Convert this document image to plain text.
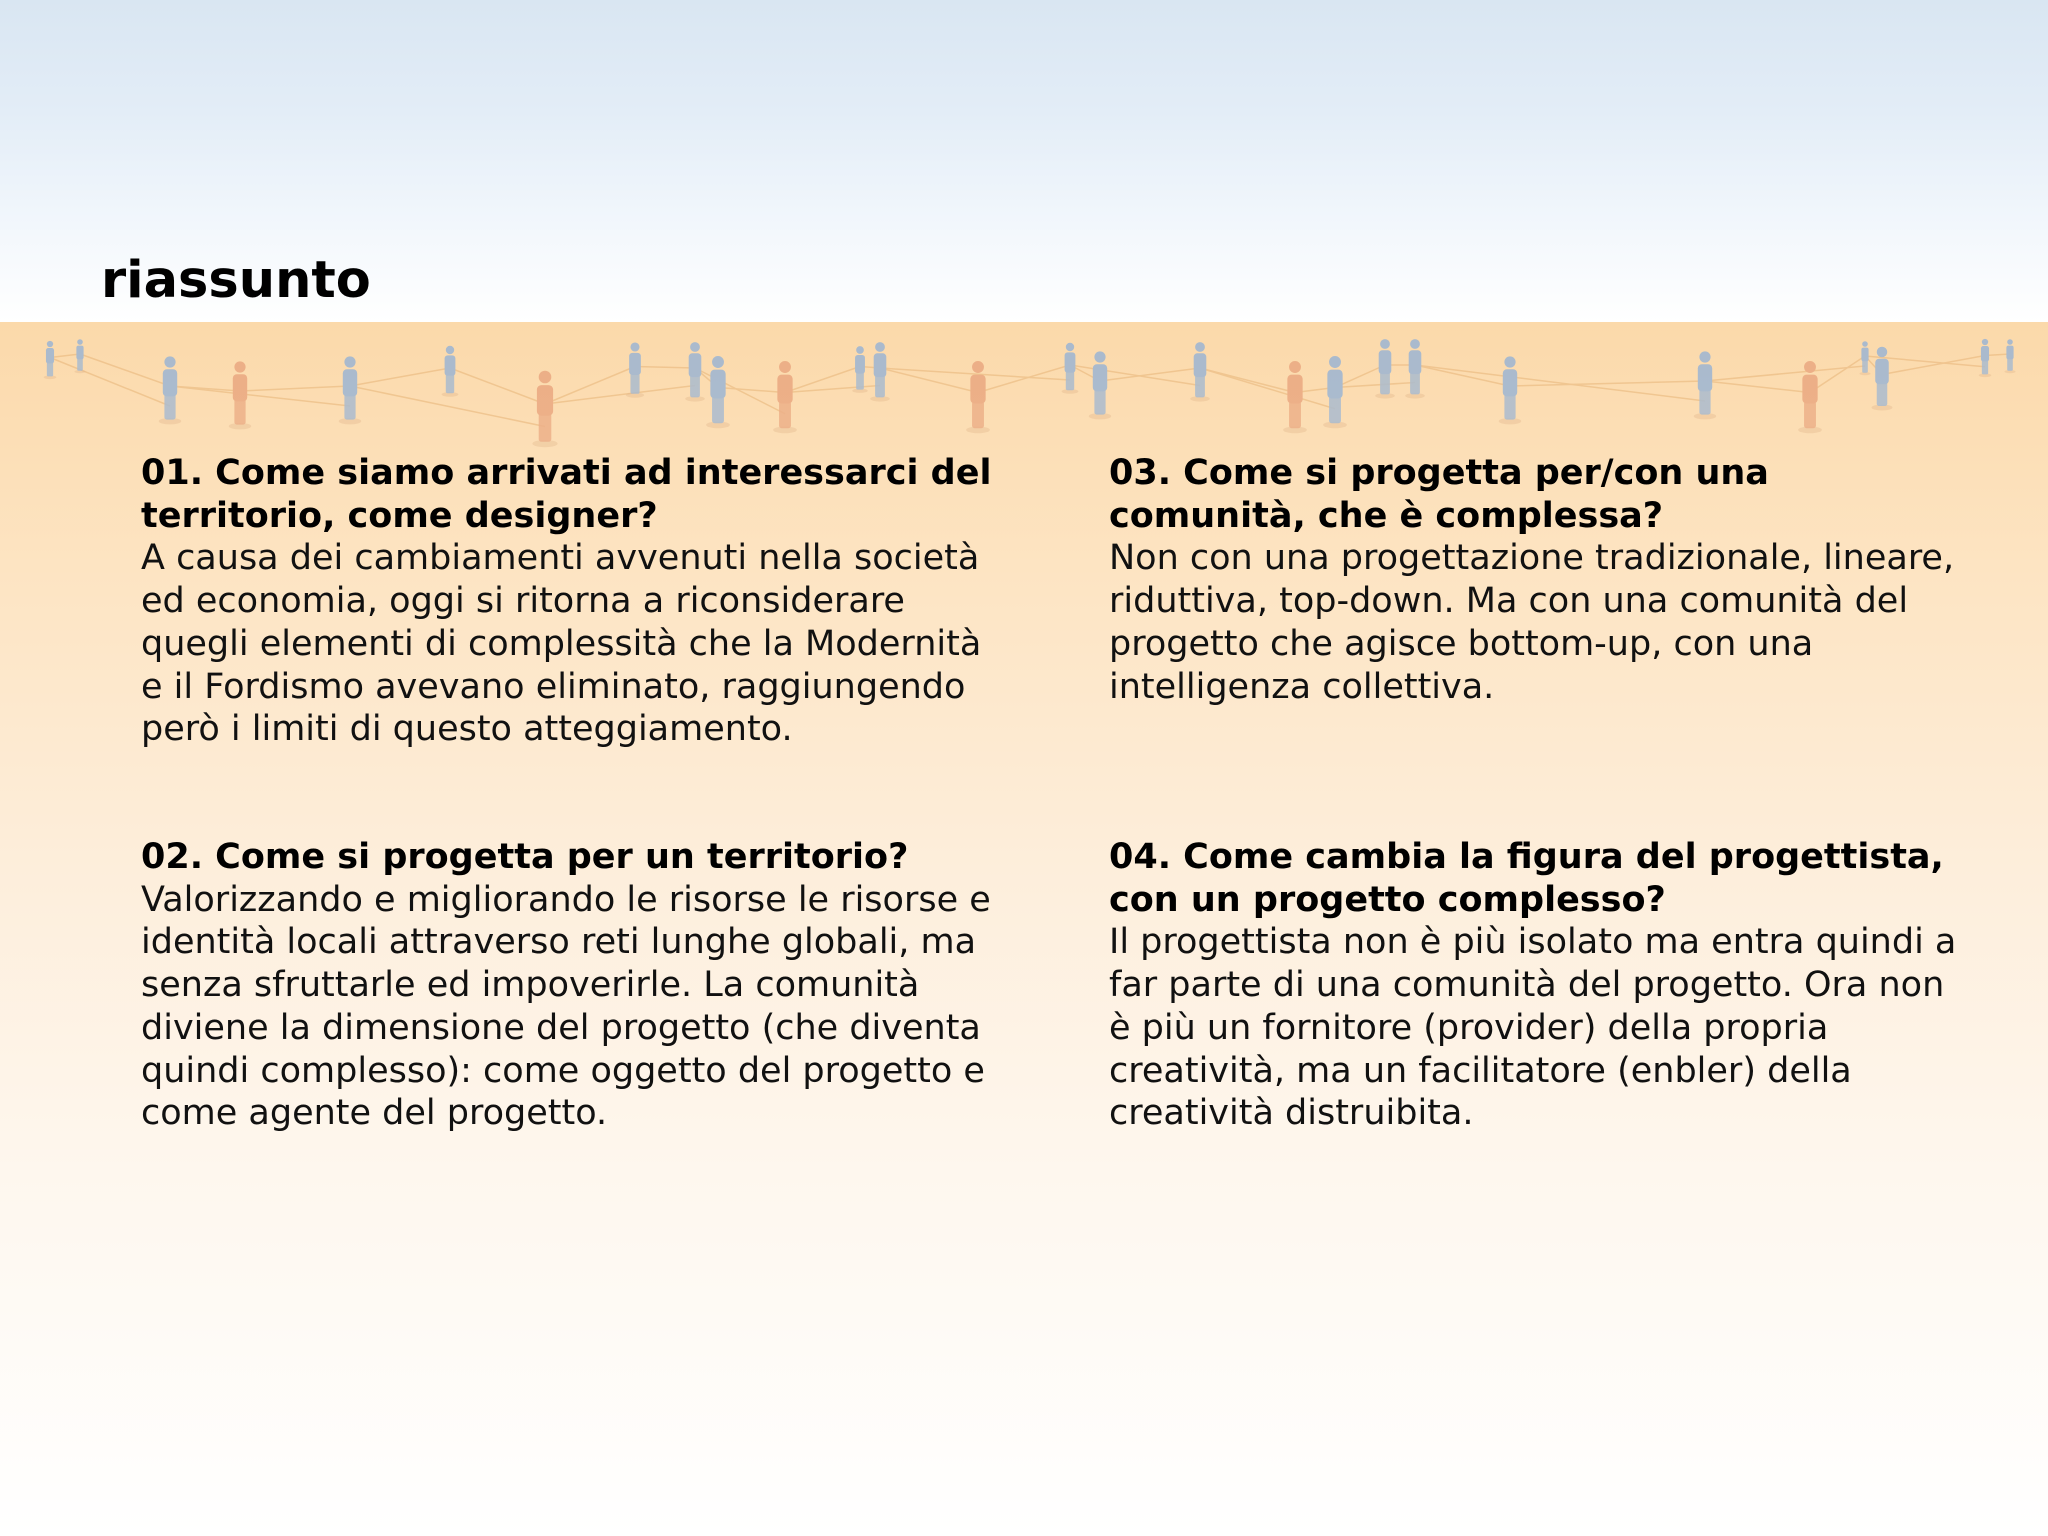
riassunto
01. Come siamo arrivati ad interessarci del territorio, come designer?
A causa dei cambiamenti avvenuti nella società ed economia, oggi si ritorna a riconsiderare quegli elementi di complessità che la Modernità e il Fordismo avevano eliminato, raggiungendo però i limiti di questo atteggiamento.
02. Come si progetta per un territorio?
Valorizzando e migliorando le risorse le risorse e identità locali attraverso reti lunghe globali, ma senza sfruttarle ed impoverirle. La comunità diviene la dimensione del progetto (che diventa quindi complesso): come oggetto del progetto e come agente del progetto.
03. Come si progetta per/con una comunità, che è complessa?
Non con una progettazione tradizionale, lineare, riduttiva, top-down. Ma con una comunità del progetto che agisce bottom-up, con una intelligenza collettiva.
04. Come cambia la figura del progettista, con un progetto complesso?
Il progettista non è più isolato ma entra quindi a far parte di una comunità del progetto. Ora non è più un fornitore (provider) della propria creatività, ma un facilitatore (enbler) della creatività distruibita.
